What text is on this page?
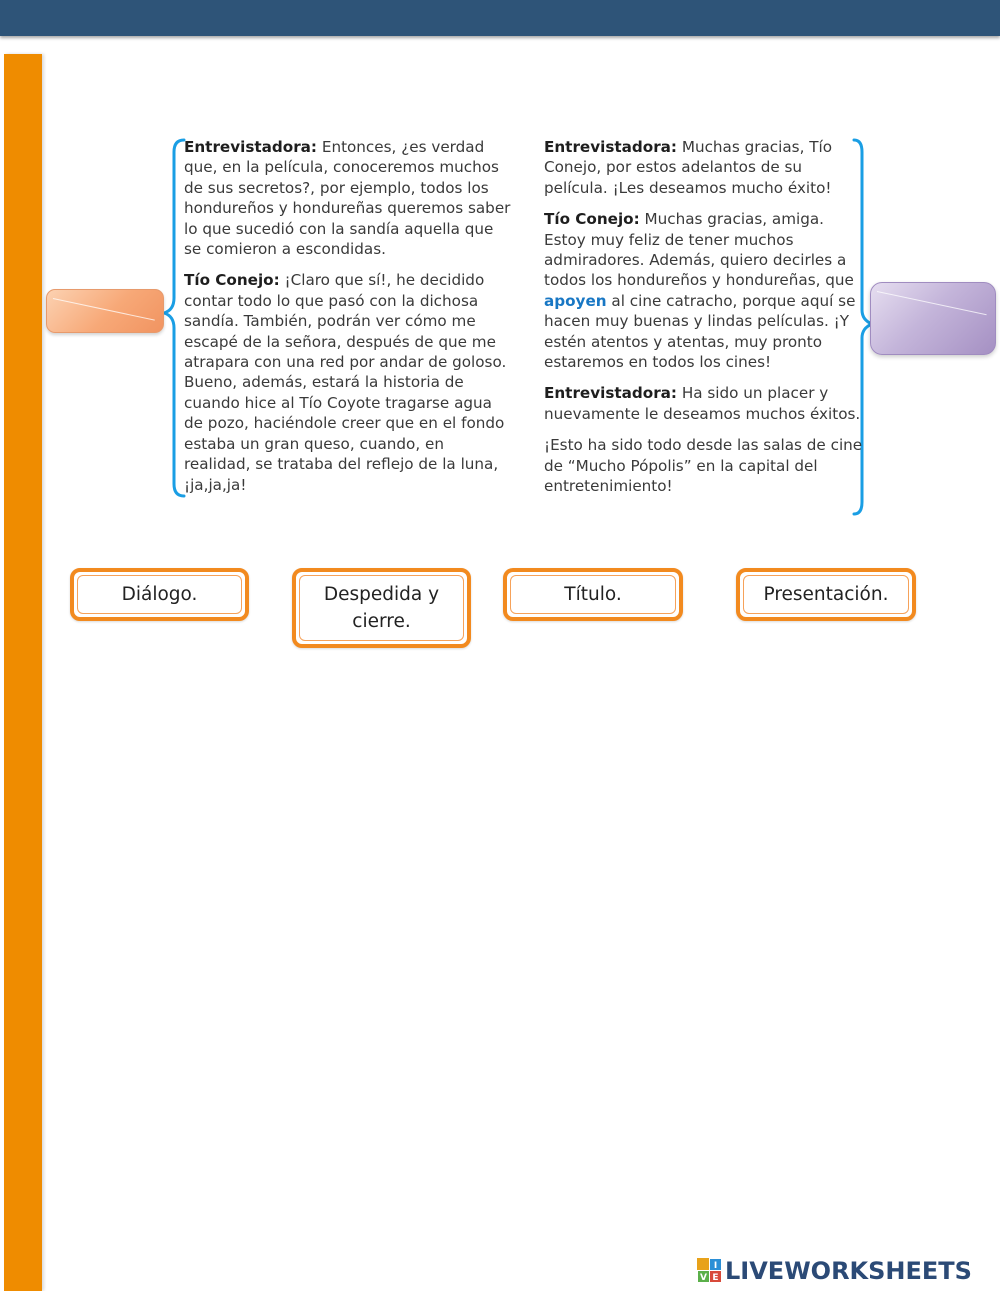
Entrevistadora: Entonces, ¿es verdad que, en la película, conoceremos muchos de sus secretos?, por ejemplo, todos los hondureños y hondureñas queremos saber lo que sucedió con la sandía aquella que se comieron a escondidas.

Tío Conejo: ¡Claro que sí!, he decidido contar todo lo que pasó con la dichosa sandía. También, podrán ver cómo me escapé de la señora, después de que me atrapara con una red por andar de goloso. Bueno, además, estará la historia de cuando hice al Tío Coyote tragarse agua de pozo, haciéndole creer que en el fondo estaba un gran queso, cuando, en realidad, se trataba del reflejo de la luna, ¡ja,ja,ja!

Entrevistadora: Muchas gracias, Tío Conejo, por estos adelantos de su película. ¡Les deseamos mucho éxito!

Tío Conejo: Muchas gracias, amiga. Estoy muy feliz de tener muchos admiradores. Además, quiero decirles a todos los hondureños y hondureñas, que apoyen al cine catracho, porque aquí se hacen muy buenas y lindas películas. ¡Y estén atentos y atentas, muy pronto estaremos en todos los cines!

Entrevistadora: Ha sido un placer y nuevamente le deseamos muchos éxitos.

¡Esto ha sido todo desde las salas de cine de “Mucho Pópolis” en la capital del entretenimiento!

Diálogo.	Despedida y cierre.
Título.	Presentación.
I
V E LIVEWORKSHEETS
